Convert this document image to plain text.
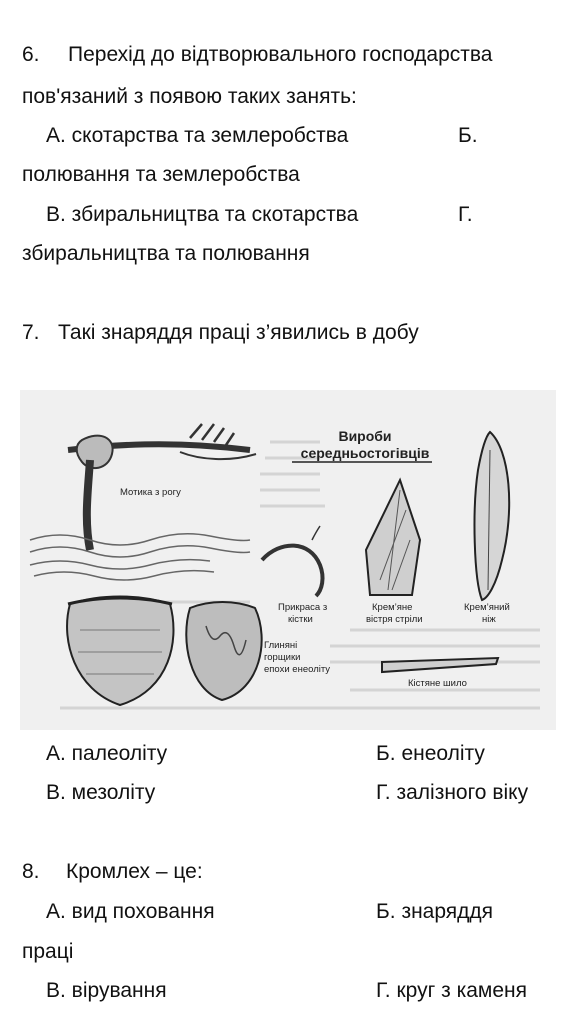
6. Перехід до відтворювального господарства
пов'язаний з появою таких занять:
А. скотарства та землеробства	Б.
полювання та землеробства
В. збиральництва та скотарства	Г.
збиральництва та полювання
7. Такі знаряддя праці з’явились в добу
Вироби
середньостогівців
Мотика з рогу
Прикраса з
кістки
Крем’яне
вістря стріли
Крем’яний
ніж
Глиняні
горщики
епохи енеоліту
Кістяне шило
А. палеоліту	Б. енеоліту
В. мезоліту	Г. залізного віку
8. Кромлех – це:
А. вид поховання	Б. знаряддя
праці
В. вірування	Г. круг з каменя
